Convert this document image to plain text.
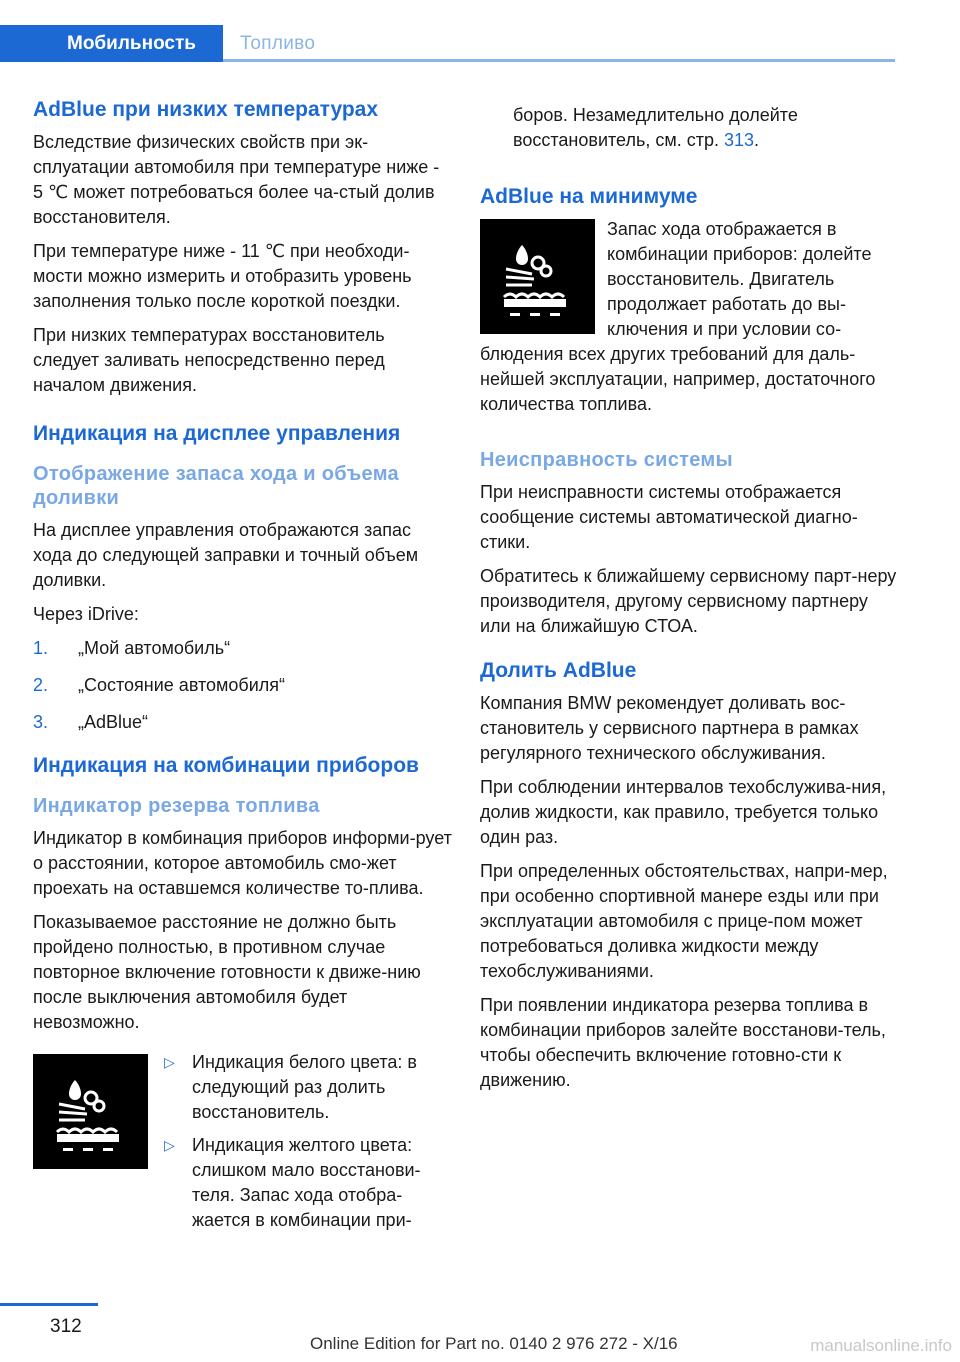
Мобильность	Топливо
AdBlue при низких температурах

Вследствие физических свойств при эк-сплуатации автомобиля при температуре ниже - 5 ℃ может потребоваться более ча-стый долив восстановителя.

При температуре ниже - 11 ℃ при необходи-мости можно измерить и отобразить уровень заполнения только после короткой поездки.

При низких температурах восстановитель следует заливать непосредственно перед началом движения.

Индикация на дисплее управления
Отображение запаса хода и объема доливки

На дисплее управления отображаются запас хода до следующей заправки и точный объем доливки.

Через iDrive:

1. „Мой автомобиль“
2. „Состояние автомобиля“
3. „AdBlue“
Индикация на комбинации приборов
Индикатор резерва топлива

Индикатор в комбинация приборов информи-рует о расстоянии, которое автомобиль смо-жет проехать на оставшемся количестве то-плива.

Показываемое расстояние не должно быть пройдено полностью, в противном случае повторное включение готовности к движе-нию после выключения автомобиля будет невозможно.

▷ Индикация белого цвета: в следующий раз долить восстановитель.
▷ Индикация желтого цвета: слишком мало восстанови-теля. Запас хода отобра-жается в комбинации при-

боров. Незамедлительно долейте восстановитель, см. стр. 313.

AdBlue на минимуме

Запас хода отображается в комбинации приборов: долейте восстановитель. Двигатель продолжает работать до вы-ключения и при условии со-блюдения всех других требований для даль-нейшей эксплуатации, например, достаточного количества топлива.

Неисправность системы

При неисправности системы отображается сообщение системы автоматической диагно-стики.

Обратитесь к ближайшему сервисному парт-неру производителя, другому сервисному партнеру или на ближайшую СТОА.

Долить AdBlue

Компания BMW рекомендует доливать вос-становитель у сервисного партнера в рамках регулярного технического обслуживания.

При соблюдении интервалов техобслужива-ния, долив жидкости, как правило, требуется только один раз.

При определенных обстоятельствах, напри-мер, при особенно спортивной манере езды или при эксплуатации автомобиля с прице-пом может потребоваться доливка жидкости между техобслуживаниями.

При появлении индикатора резерва топлива в комбинации приборов залейте восстанови-тель, чтобы обеспечить включение готовно-сти к движению.

312
Online Edition for Part no. 0140 2 976 272 - X/16	manualsonline.info
